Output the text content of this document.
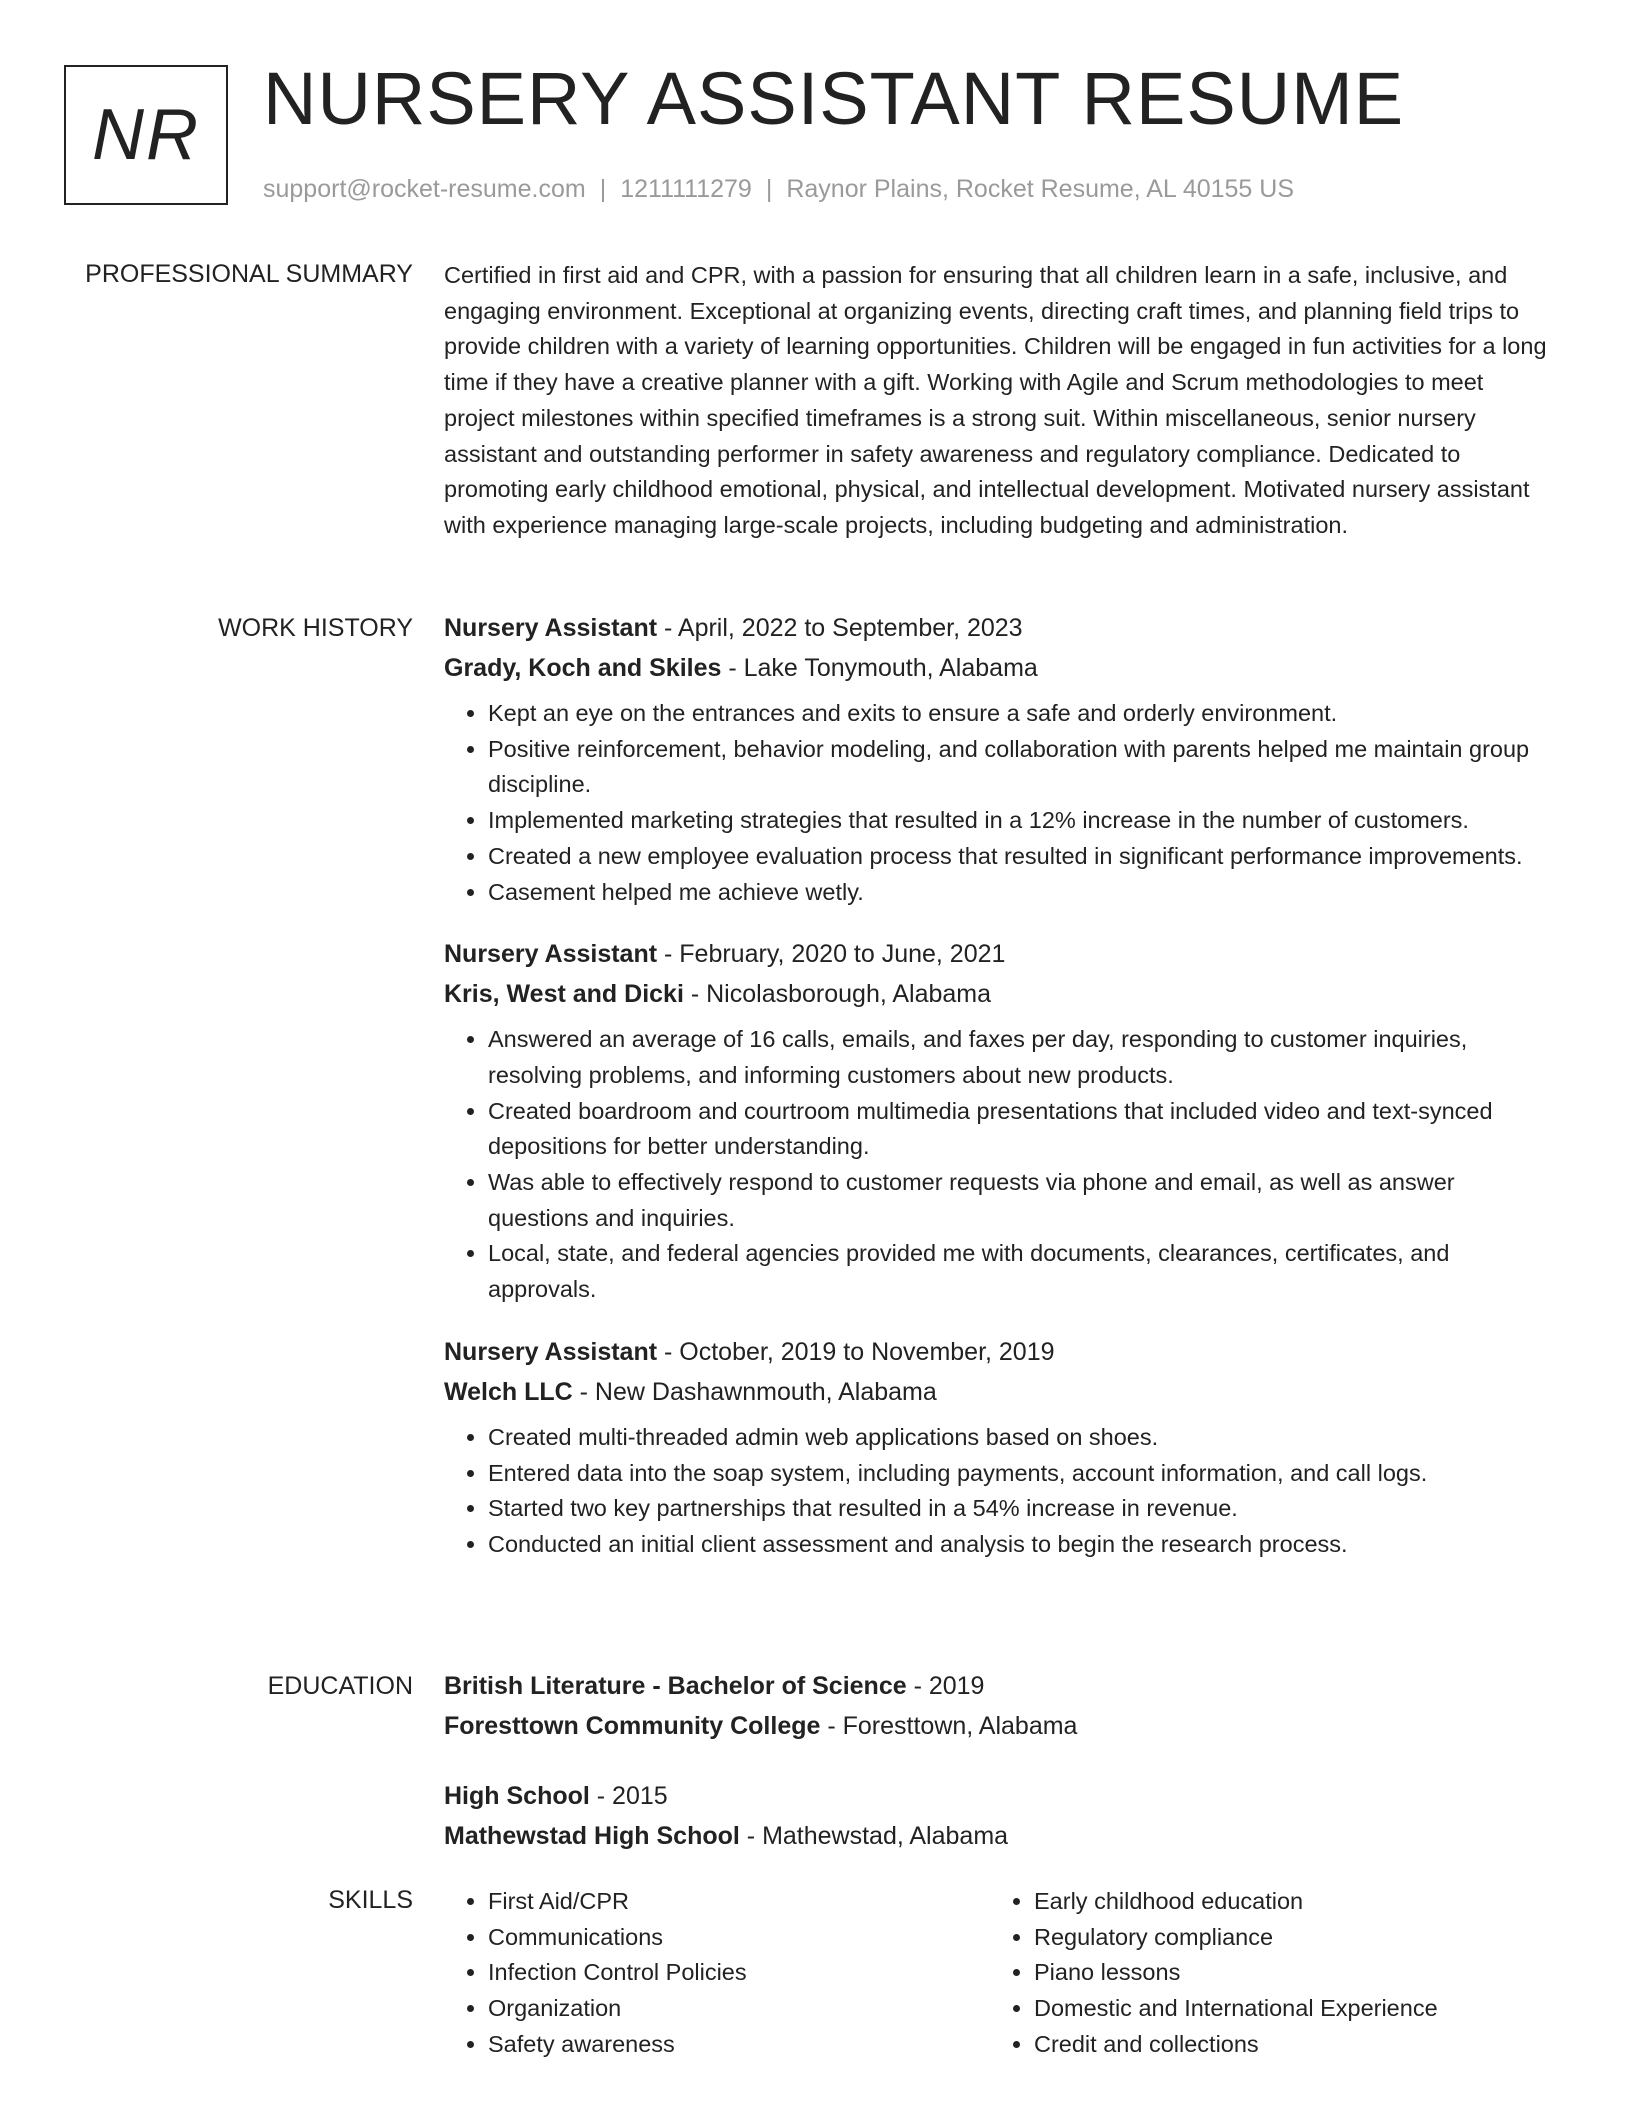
NR NURSERY ASSISTANT RESUME
support@rocket-resume.com | 1211111279 | Raynor Plains, Rocket Resume, AL 40155 US
PROFESSIONAL SUMMARY Certified in first aid and CPR, with a passion for ensuring that all children learn in a safe, inclusive, and engaging environment. Exceptional at organizing events, directing craft times, and planning field trips to provide children with a variety of learning opportunities. Children will be engaged in fun activities for a long time if they have a creative planner with a gift. Working with Agile and Scrum methodologies to meet project milestones within specified timeframes is a strong suit. Within miscellaneous, senior nursery assistant and outstanding performer in safety awareness and regulatory compliance. Dedicated to promoting early childhood emotional, physical, and intellectual development. Motivated nursery assistant with experience managing large-scale projects, including budgeting and administration.

WORK HISTORY Nursery Assistant - April, 2022 to September, 2023
Grady, Koch and Skiles - Lake Tonymouth, Alabama
• Kept an eye on the entrances and exits to ensure a safe and orderly environment.
• Positive reinforcement, behavior modeling, and collaboration with parents helped me maintain group discipline.
• Implemented marketing strategies that resulted in a 12% increase in the number of customers.
• Created a new employee evaluation process that resulted in significant performance improvements.
• Casement helped me achieve wetly.
Nursery Assistant - February, 2020 to June, 2021
Kris, West and Dicki - Nicolasborough, Alabama
• Answered an average of 16 calls, emails, and faxes per day, responding to customer inquiries, resolving problems, and informing customers about new products.
• Created boardroom and courtroom multimedia presentations that included video and text-synced depositions for better understanding.
• Was able to effectively respond to customer requests via phone and email, as well as answer questions and inquiries.
• Local, state, and federal agencies provided me with documents, clearances, certificates, and approvals.
Nursery Assistant - October, 2019 to November, 2019
Welch LLC - New Dashawnmouth, Alabama
• Created multi-threaded admin web applications based on shoes.
• Entered data into the soap system, including payments, account information, and call logs.
• Started two key partnerships that resulted in a 54% increase in revenue.
• Conducted an initial client assessment and analysis to begin the research process.
EDUCATION British Literature - Bachelor of Science - 2019
Foresttown Community College - Foresttown, Alabama
High School - 2015
Mathewstad High School - Mathewstad, Alabama
SKILLS
•	First Aid/CPR
• Communications
• Infection Control Policies
• Organization
• Safety awareness
• Early childhood education
• Regulatory compliance
• Piano lessons
• Domestic and International Experience
• Credit and collections
